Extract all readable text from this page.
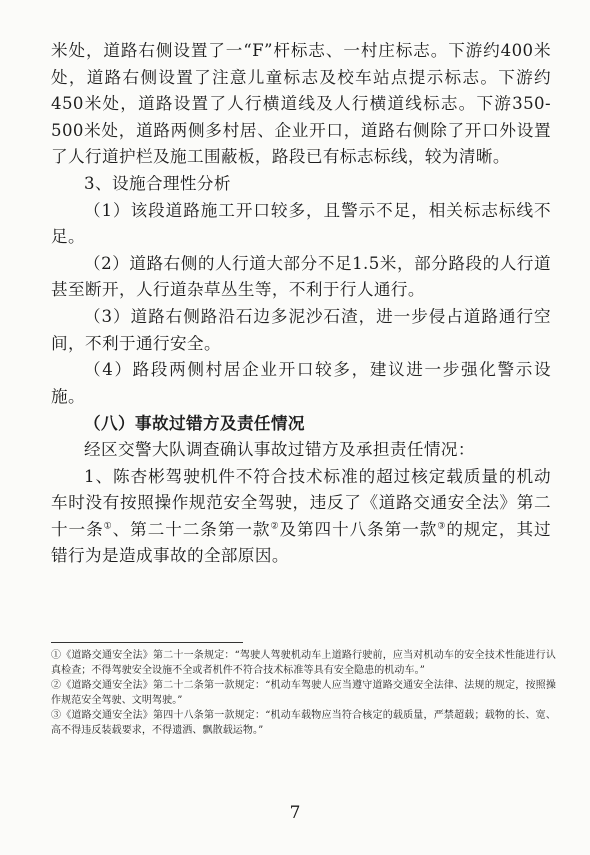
米处，道路右侧设置了一“F”杆标志、一村庄标志。下游约400米处，道路右侧设置了注意儿童标志及校车站点提示标志。下游约450米处，道路设置了人行横道线及人行横道线标志。下游350-500米处，道路两侧多村居、企业开口，道路右侧除了开口外设置了人行道护栏及施工围蔽板，路段已有标志标线，较为清晰。

3、设施合理性分析

（1）该段道路施工开口较多，且警示不足，相关标志标线不足。

（2）道路右侧的人行道大部分不足1.5米，部分路段的人行道甚至断开，人行道杂草丛生等，不利于行人通行。

（3）道路右侧路沿石边多泥沙石渣，进一步侵占道路通行空间，不利于通行安全。

（4）路段两侧村居企业开口较多，建议进一步强化警示设施。

（八）事故过错方及责任情况

经区交警大队调查确认事故过错方及承担责任情况：

1、陈杏彬驾驶机件不符合技术标准的超过核定载质量的机动车时没有按照操作规范安全驾驶，违反了《道路交通安全法》第二十一条①、第二十二条第一款②及第四十八条第一款③的规定，其过错行为是造成事故的全部原因。

①《道路交通安全法》第二十一条规定：“驾驶人驾驶机动车上道路行驶前，应当对机动车的安全技术性能进行认真检查；不得驾驶安全设施不全或者机件不符合技术标准等具有安全隐患的机动车。”

②《道路交通安全法》第二十二条第一款规定：“机动车驾驶人应当遵守道路交通安全法律、法规的规定，按照操作规范安全驾驶、文明驾驶。”

③《道路交通安全法》第四十八条第一款规定：“机动车载物应当符合核定的载质量，严禁超载；载物的长、宽、高不得违反装载要求，不得遗洒、飘散载运物。”

7
